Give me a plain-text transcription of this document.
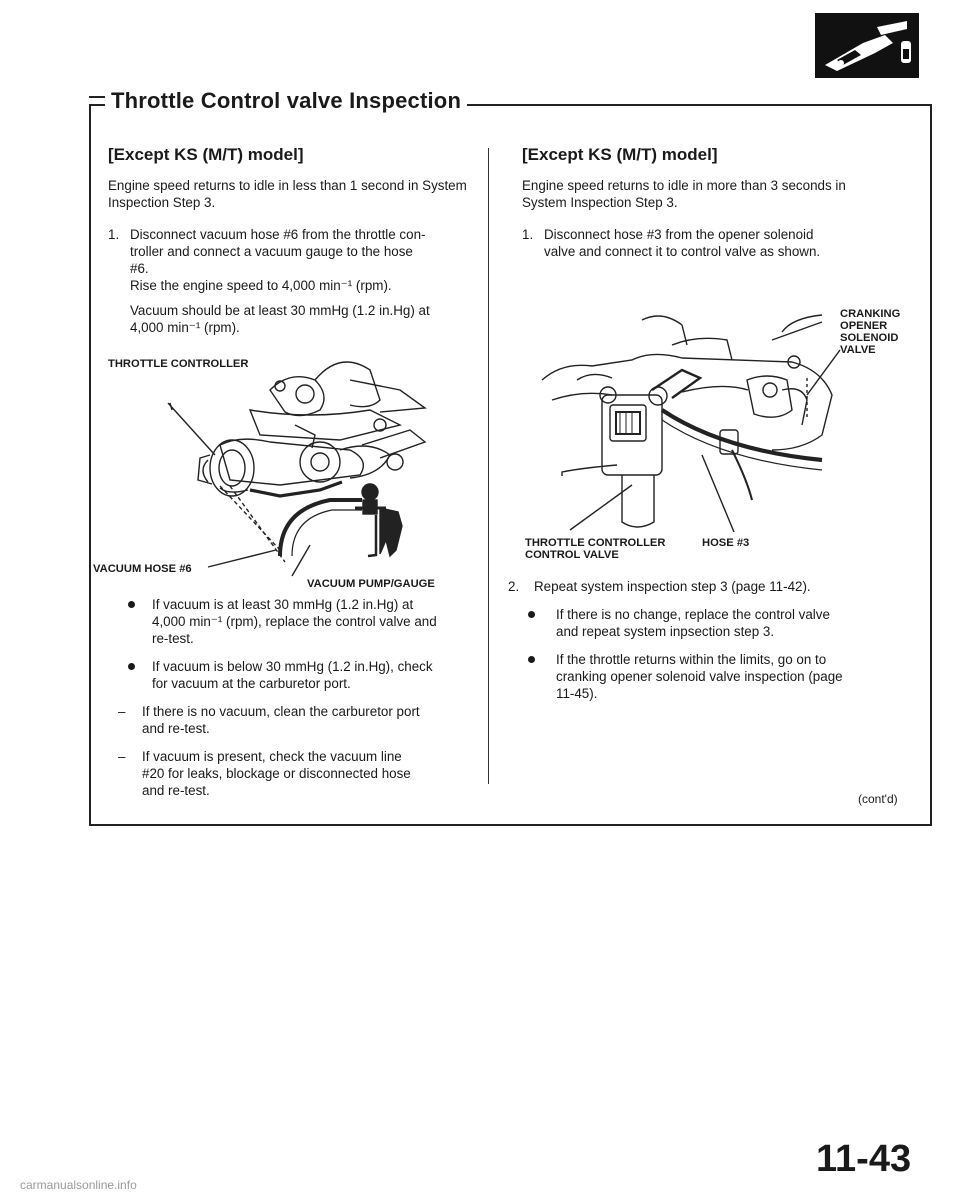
Throttle Control valve Inspection
[Except KS (M/T) model]

Engine speed returns to idle in less than 1 second in System Inspection Step 3.

1. Disconnect vacuum hose #6 from the throttle con-

troller and connect a vacuum gauge to the hose

#6.

Rise the engine speed to 4,000 min⁻¹ (rpm).

Vacuum should be at least 30 mmHg (1.2 in.Hg) at

4,000 min⁻¹ (rpm).

THROTTLE CONTROLLER
VACUUM HOSE #6
VACUUM PUMP/GAUGE

If vacuum is at least 30 mmHg (1.2 in.Hg) at

4,000 min⁻¹ (rpm), replace the control valve and

re-test.

If vacuum is below 30 mmHg (1.2 in.Hg), check

for vacuum at the carburetor port.

– If there is no vacuum, clean the carburetor port

and re-test.

– If vacuum is present, check the vacuum line

#20 for leaks, blockage or disconnected hose

and re-test.

[Except KS (M/T) model]

Engine speed returns to idle in more than 3 seconds in

System Inspection Step 3.

1. Disconnect hose #3 from the opener solenoid

valve and connect it to control valve as shown.

CRANKING
OPENER
SOLENOID
VALVE
THROTTLE CONTROLLER
CONTROL VALVE
HOSE #3
2. Repeat system inspection step 3 (page 11-42).

If there is no change, replace the control valve

and repeat system inpsection step 3.

If the throttle returns within the limits, go on to

cranking opener solenoid valve inspection (page

11-45).

(cont'd)
11-43
carmanualsonline.info
